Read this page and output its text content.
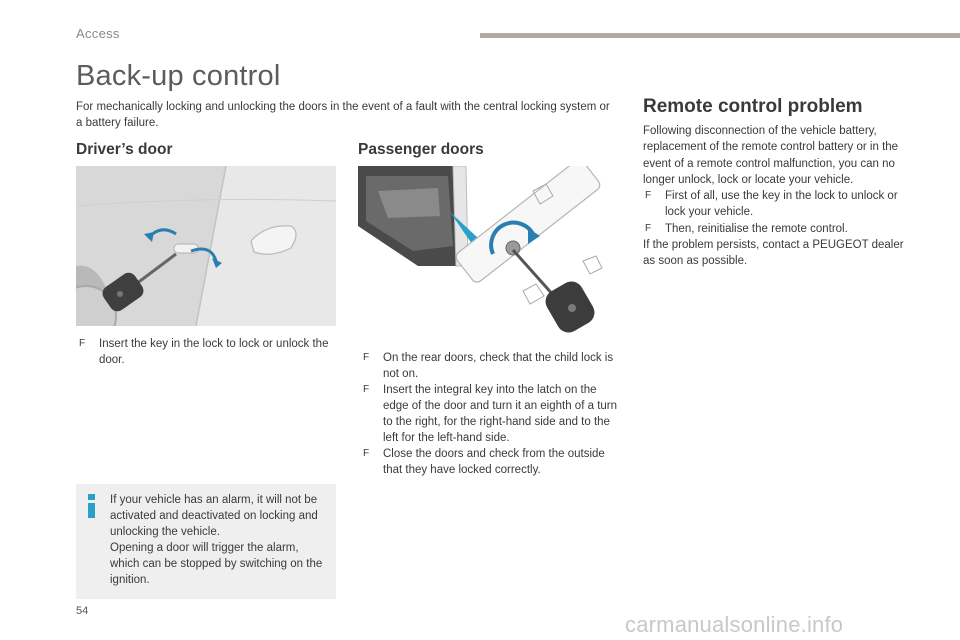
Access
Back-up control

For mechanically locking and unlocking the doors in the event of a fault with the central locking system or a battery failure.

Driver’s door
F Insert the key in the lock to lock or unlock the door.
If your vehicle has an alarm, it will not be activated and deactivated on locking and unlocking the vehicle.
Opening a door will trigger the alarm, which can be stopped by switching on the ignition.
Passenger doors
F On the rear doors, check that the child lock is not on.
F Insert the integral key into the latch on the edge of the door and turn it an eighth of a turn to the right, for the right-hand side and to the left for the left-hand side.
F Close the doors and check from the outside that they have locked correctly.
Remote control problem
Following disconnection of the vehicle battery, replacement of the remote control battery or in the event of a remote control malfunction, you can no longer unlock, lock or locate your vehicle.
F First of all, use the key in the lock to unlock or lock your vehicle.
F Then, reinitialise the remote control.
If the problem persists, contact a PEUGEOT dealer as soon as possible.
54
carmanualsonline.info
